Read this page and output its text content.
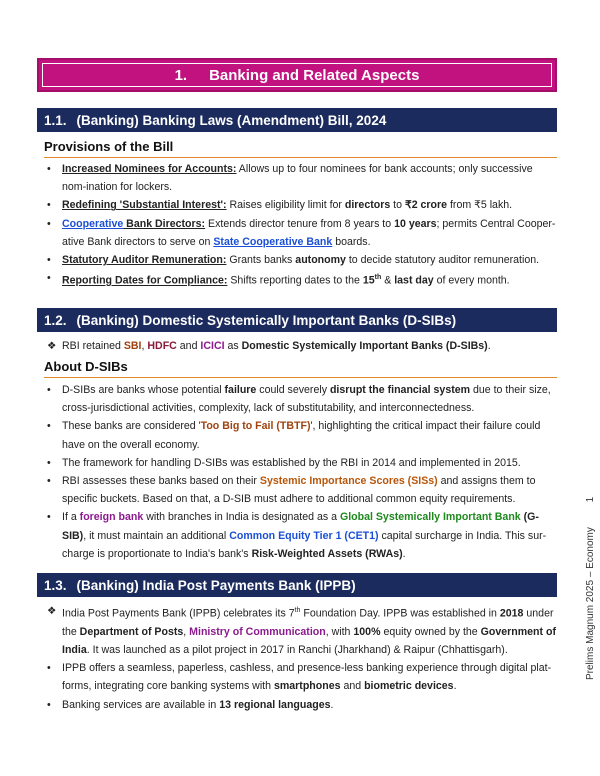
1. Banking and Related Aspects
1.1. (Banking) Banking Laws (Amendment) Bill, 2024
Provisions of the Bill
• Increased Nominees for Accounts: Allows up to four nominees for bank accounts; only successive nom-ination for lockers.
• Redefining 'Substantial Interest': Raises eligibility limit for directors to ₹2 crore from ₹5 lakh.
• Cooperative Bank Directors: Extends director tenure from 8 years to 10 years; permits Central Cooper-ative Bank directors to serve on State Cooperative Bank boards.
• Statutory Auditor Remuneration: Grants banks autonomy to decide statutory auditor remuneration.
• Reporting Dates for Compliance: Shifts reporting dates to the 15th & last day of every month.
1.2. (Banking) Domestic Systemically Important Banks (D-SIBs)
❖ RBI retained SBI, HDFC and ICICI as Domestic Systemically Important Banks (D-SIBs).
About D-SIBs
• D-SIBs are banks whose potential failure could severely disrupt the financial system due to their size, cross-jurisdictional activities, complexity, lack of substitutability, and interconnectedness.
• These banks are considered 'Too Big to Fail (TBTF)', highlighting the critical impact their failure could have on the overall economy.
• The framework for handling D-SIBs was established by the RBI in 2014 and implemented in 2015.
• RBI assesses these banks based on their Systemic Importance Scores (SISs) and assigns them to specific buckets. Based on that, a D-SIB must adhere to additional common equity requirements.
• If a foreign bank with branches in India is designated as a Global Systemically Important Bank (G-SIB), it must maintain an additional Common Equity Tier 1 (CET1) capital surcharge in India. This sur-charge is proportionate to India's bank's Risk-Weighted Assets (RWAs).
1.3. (Banking) India Post Payments Bank (IPPB)
❖ India Post Payments Bank (IPPB) celebrates its 7th Foundation Day. IPPB was established in 2018 under the Department of Posts, Ministry of Communication, with 100% equity owned by the Government of India. It was launched as a pilot project in 2017 in Ranchi (Jharkhand) & Raipur (Chhattisgarh).
• IPPB offers a seamless, paperless, cashless, and presence-less banking experience through digital plat-forms, integrating core banking systems with smartphones and biometric devices.
• Banking services are available in 13 regional languages.
Prelims Magnum 2025 – Economy 1
